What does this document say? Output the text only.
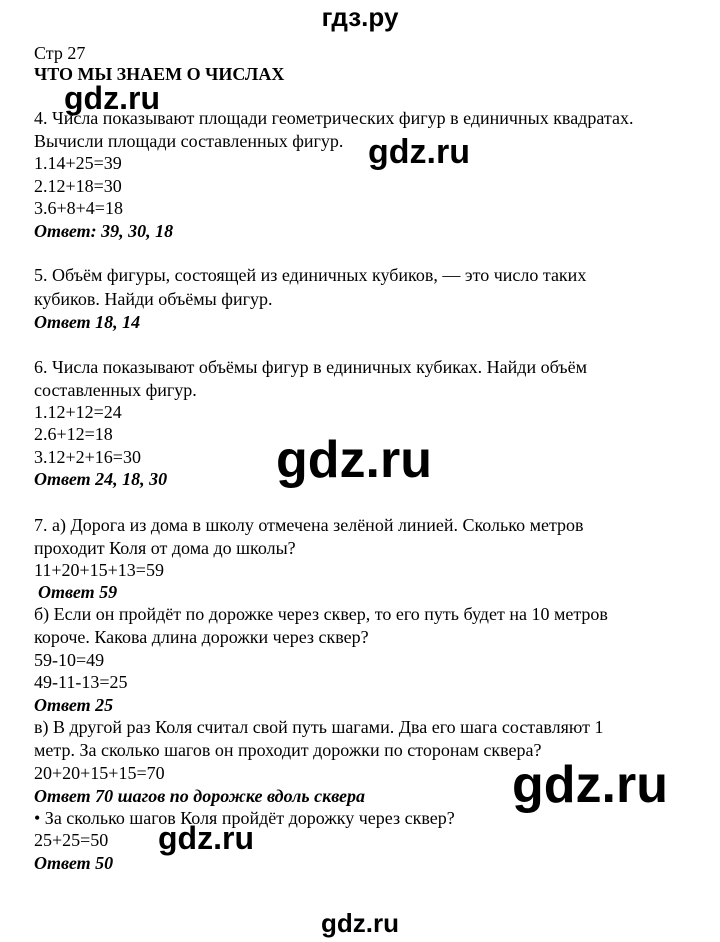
гдз.ру
Стр 27
ЧТО МЫ ЗНАЕМ О ЧИСЛАХ
4. Числа показывают площади геометрических фигур в единичных квадратах.
Вычисли площади составленных фигур.
1.14+25=39
2.12+18=30
3.6+8+4=18
Ответ: 39, 30, 18
5. Объём фигуры, состоящей из единичных кубиков, — это число таких
кубиков. Найди объёмы фигур.
Ответ 18, 14
6. Числа показывают объёмы фигур в единичных кубиках. Найди объём
составленных фигур.
1.12+12=24
2.6+12=18
3.12+2+16=30
Ответ 24, 18, 30
7. а) Дорога из дома в школу отмечена зелёной линией. Сколько метров
проходит Коля от дома до школы?
11+20+15+13=59
Ответ 59
б) Если он пройдёт по дорожке через сквер, то его путь будет на 10 метров
короче. Какова длина дорожки через сквер?
59-10=49
49-11-13=25
Ответ 25
в) В другой раз Коля считал свой путь шагами. Два его шага составляют 1
метр. За сколько шагов он проходит дорожки по сторонам сквера?
20+20+15+15=70
Ответ 70 шагов по дорожке вдоль сквера
• За сколько шагов Коля пройдёт дорожку через сквер?
25+25=50
Ответ 50
gdz.ru
gdz.ru
gdz.ru
gdz.ru
gdz.ru
gdz.ru
